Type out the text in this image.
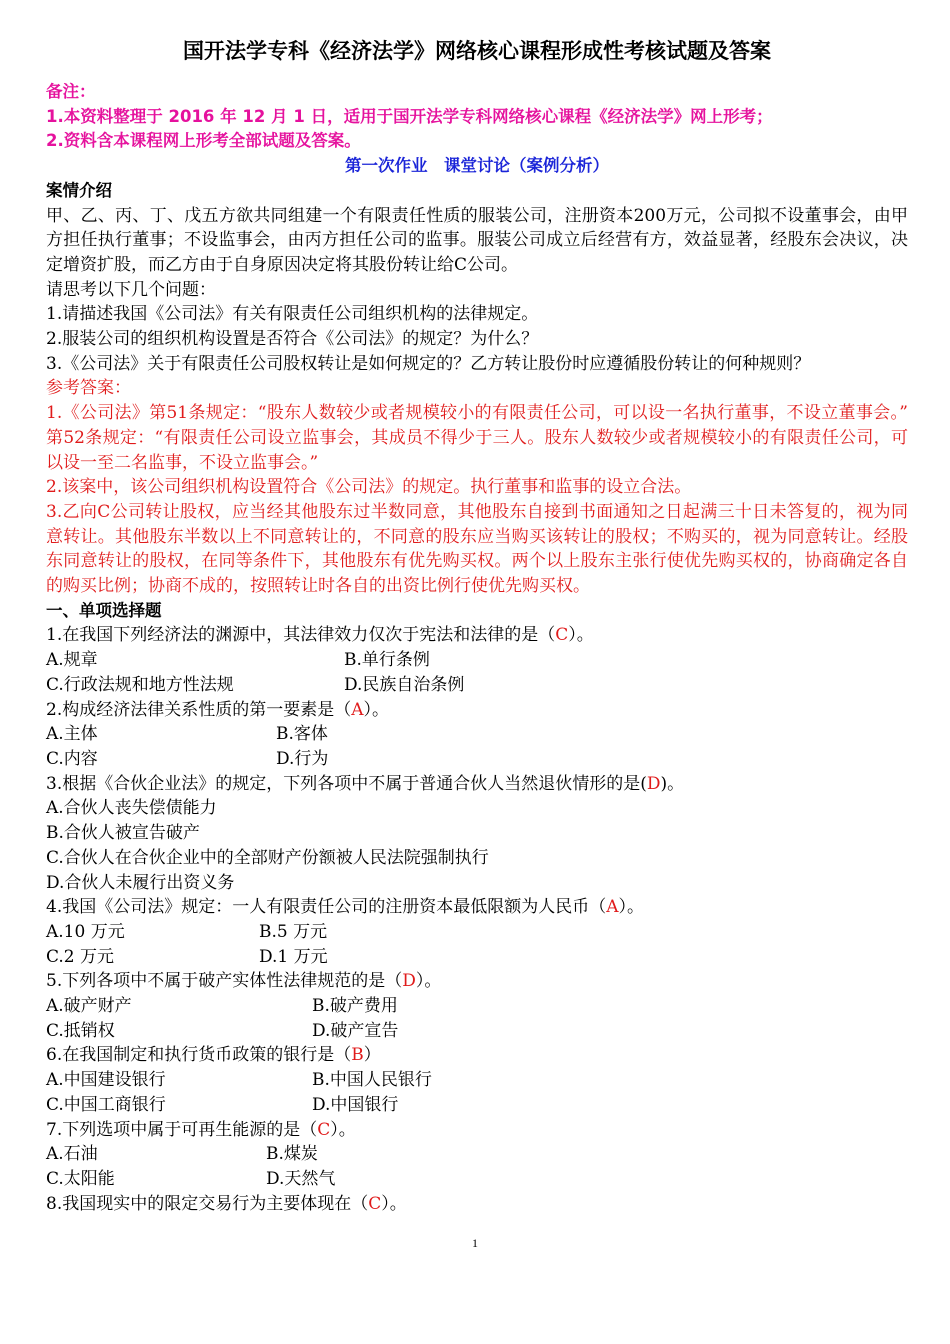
国开法学专科《经济法学》网络核心课程形成性考核试题及答案
备注：
1.本资料整理于 2016 年 12 月 1 日，适用于国开法学专科网络核心课程《经济法学》网上形考；
2.资料含本课程网上形考全部试题及答案。
第一次作业　课堂讨论（案例分析）
案情介绍
甲、乙、丙、丁、戊五方欲共同组建一个有限责任性质的服装公司，注册资本200万元，公司拟不设董事会，由甲方担任执行董事；不设监事会，由丙方担任公司的监事。服装公司成立后经营有方，效益显著，经股东会决议，决定增资扩股，而乙方由于自身原因决定将其股份转让给C公司。
请思考以下几个问题：
1.请描述我国《公司法》有关有限责任公司组织机构的法律规定。
2.服装公司的组织机构设置是否符合《公司法》的规定？为什么？
3.《公司法》关于有限责任公司股权转让是如何规定的？乙方转让股份时应遵循股份转让的何种规则？
参考答案：
1.《公司法》第51条规定：“股东人数较少或者规模较小的有限责任公司，可以设一名执行董事，不设立董事会。” 第52条规定：“有限责任公司设立监事会，其成员不得少于三人。股东人数较少或者规模较小的有限责任公司，可以设一至二名监事，不设立监事会。”
2.该案中，该公司组织机构设置符合《公司法》的规定。执行董事和监事的设立合法。
3.乙向C公司转让股权，应当经其他股东过半数同意，其他股东自接到书面通知之日起满三十日未答复的，视为同意转让。其他股东半数以上不同意转让的，不同意的股东应当购买该转让的股权；不购买的，视为同意转让。经股东同意转让的股权，在同等条件下，其他股东有优先购买权。两个以上股东主张行使优先购买权的，协商确定各自的购买比例；协商不成的，按照转让时各自的出资比例行使优先购买权。
一、单项选择题
1.在我国下列经济法的渊源中，其法律效力仅次于宪法和法律的是（C）。
A.规章	B.单行条例
C.行政法规和地方性法规	D.民族自治条例
2.构成经济法律关系性质的第一要素是（A）。
A.主体	B.客体
C.内容	D.行为
3.根据《合伙企业法》的规定，下列各项中不属于普通合伙人当然退伙情形的是(D)。
A.合伙人丧失偿债能力
B.合伙人被宣告破产
C.合伙人在合伙企业中的全部财产份额被人民法院强制执行
D.合伙人未履行出资义务
4.我国《公司法》规定：一人有限责任公司的注册资本最低限额为人民币（A）。
A.10 万元	B.5 万元
C.2 万元	D.1 万元
5.下列各项中不属于破产实体性法律规范的是（D）。
A.破产财产	B.破产费用
C.抵销权	D.破产宣告
6.在我国制定和执行货币政策的银行是（B）
A.中国建设银行	B.中国人民银行
C.中国工商银行	D.中国银行
7.下列选项中属于可再生能源的是（C）。
A.石油	B.煤炭
C.太阳能	D.天然气
8.我国现实中的限定交易行为主要体现在（C）。
1
